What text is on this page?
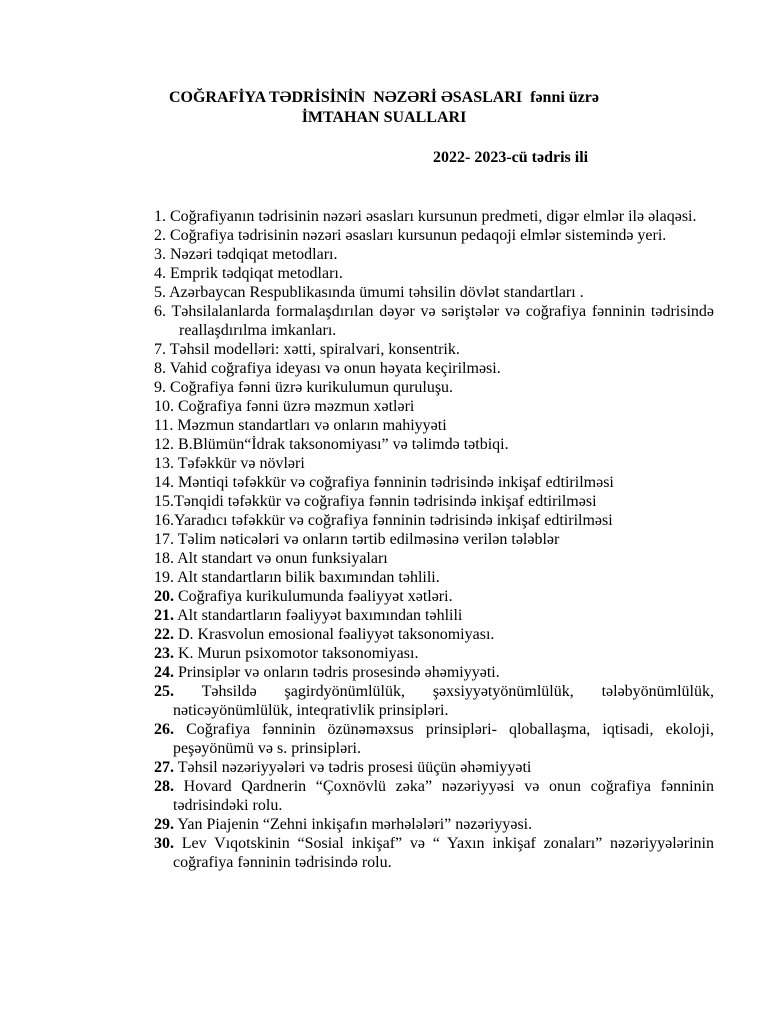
COĞRAFİYA TƏDRİSİNİN  NƏZƏRİ ƏSASLARI  fənni üzrə
İMTAHAN SUALLARI
2022- 2023-cü tədris ili
1. Coğrafiyanın tədrisinin nəzəri əsasları kursunun predmeti, digər elmlər ilə əlaqəsi.
2. Coğrafiya tədrisinin nəzəri əsasları kursunun pedaqoji elmlər sistemində yeri.
3. Nəzəri tədqiqat metodları.
4. Emprik tədqiqat metodları.
5. Azərbaycan Respublikasında ümumi təhsilin dövlət standartları .
6. Təhsilalanlarda formalaşdırılan dəyər və səriştələr və coğrafiya fənninin tədrisində reallaşdırılma imkanları.
7. Təhsil modelləri: xətti, spiralvari, konsentrik.
8. Vahid coğrafiya ideyası və onun həyata keçirilməsi.
9. Coğrafiya fənni üzrə kurikulumun quruluşu.
10. Coğrafiya fənni üzrə məzmun xətləri
11. Məzmun standartları və onların mahiyyəti
12. B.Blümün“İdrak taksonomiyası” və təlimdə tətbiqi.
13. Təfəkkür və növləri
14. Məntiqi təfəkkür və coğrafiya fənninin tədrisində inkişaf edtirilməsi
15.Tənqidi təfəkkür və coğrafiya fənnin tədrisində inkişaf edtirilməsi
16.Yaradıcı təfəkkür və coğrafiya fənninin tədrisində inkişaf edtirilməsi
17. Təlim nəticələri və onların tərtib edilməsinə verilən tələblər
18. Alt standart və onun funksiyaları
19. Alt standartların bilik baxımından təhlili.
20. Coğrafiya kurikulumunda fəaliyyət xətləri.
21. Alt standartların fəaliyyət baxımından təhlili
22. D. Krasvolun emosional fəaliyyət taksonomiyası.
23. K. Murun psixomotor taksonomiyası.
24. Prinsiplər və onların tədris prosesində əhəmiyyəti.
25. Təhsildə şagirdyönümlülük, şəxsiyyətyönümlülük, tələbyönümlülük, nəticəyönümlülük, inteqrativlik prinsipləri.
26. Coğrafiya fənninin özünəməxsus prinsipləri- qloballaşma, iqtisadi, ekoloji, peşəyönümü və s. prinsipləri.
27. Təhsil nəzəriyyələri və tədris prosesi üüçün əhəmiyyəti
28. Hovard Qardnerin “Çoxnövlü zəka” nəzəriyyəsi və onun coğrafiya fənninin tədrisindəki rolu.
29. Yan Piajenin “Zehni inkişafın mərhələləri” nəzəriyyəsi.
30. Lev Vıqotskinin “Sosial inkişaf” və “ Yaxın inkişaf zonaları” nəzəriyyələrinin coğrafiya fənninin tədrisində rolu.
